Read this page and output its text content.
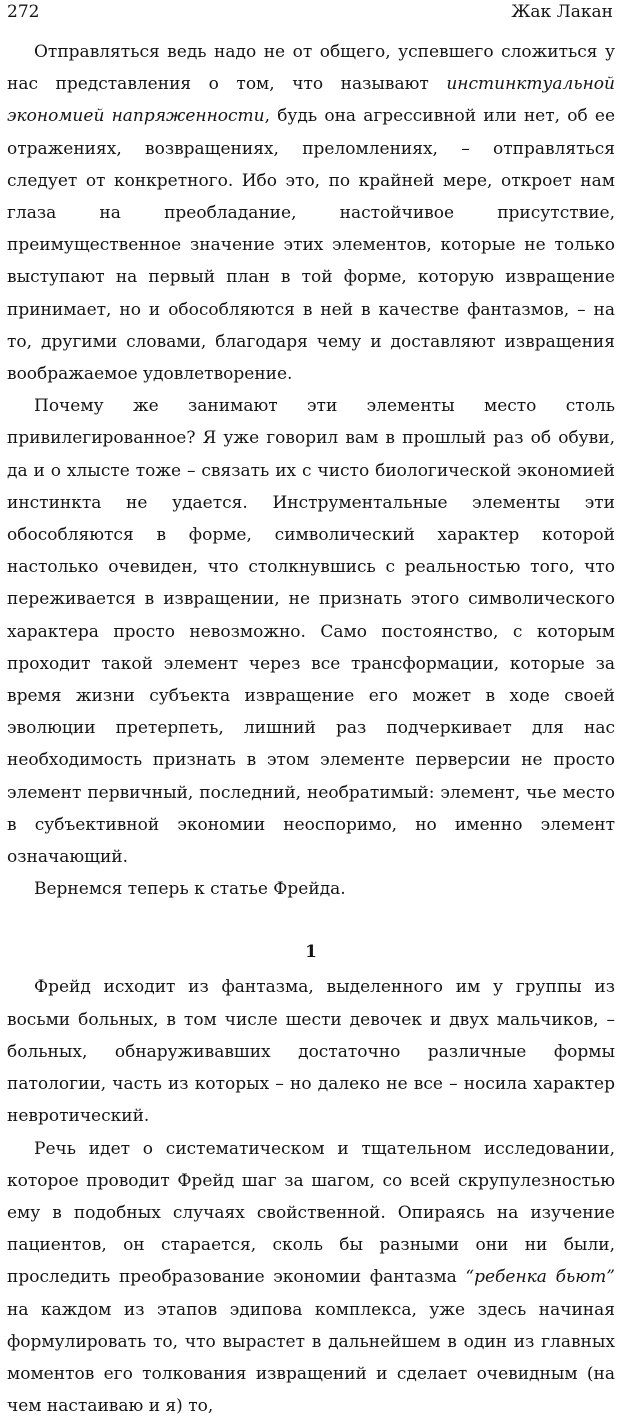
272	Жак Лакан

Отправляться ведь надо не от общего, успевшего сложиться у нас представления о том, что называют инстинктуальной экономией напряженности, будь она агрессивной или нет, об ее отражениях, возвращениях, преломлениях, – отправляться следует от конкретного. Ибо это, по крайней мере, откроет нам глаза на преобладание, настойчивое присутствие, преимущественное значение этих элементов, которые не только выступают на первый план в той форме, которую извращение принимает, но и обособляются в ней в качестве фантазмов, – на то, другими словами, благодаря чему и доставляют извращения воображаемое удовлетворение.

Почему же занимают эти элементы место столь привилегированное? Я уже говорил вам в прошлый раз об обуви, да и о хлысте тоже – связать их с чисто биологической экономией инстинкта не удается. Инструментальные элементы эти обособляются в форме, символический характер которой настолько очевиден, что столкнувшись с реальностью того, что переживается в извращении, не признать этого символического характера просто невозможно. Само постоянство, с которым проходит такой элемент через все трансформации, которые за время жизни субъекта извращение его может в ходе своей эволюции претерпеть, лишний раз подчеркивает для нас необходимость признать в этом элементе перверсии не просто элемент первичный, последний, необратимый: элемент, чье место в субъективной экономии неоспоримо, но именно элемент означающий.

Вернемся теперь к статье Фрейда.

1

Фрейд исходит из фантазма, выделенного им у группы из восьми больных, в том числе шести девочек и двух мальчиков, – больных, обнаруживавших достаточно различные формы патологии, часть из которых – но далеко не все – носила характер невротический.

Речь идет о систематическом и тщательном исследовании, которое проводит Фрейд шаг за шагом, со всей скрупулезностью ему в подобных случаях свойственной. Опираясь на изучение пациентов, он старается, сколь бы разными они ни были, проследить преобразование экономии фантазма “ребенка бьют” на каждом из этапов эдипова комплекса, уже здесь начиная формулировать то, что вырастет в дальнейшем в один из главных моментов его толкования извращений и сделает очевидным (на чем настаиваю и я) то,
